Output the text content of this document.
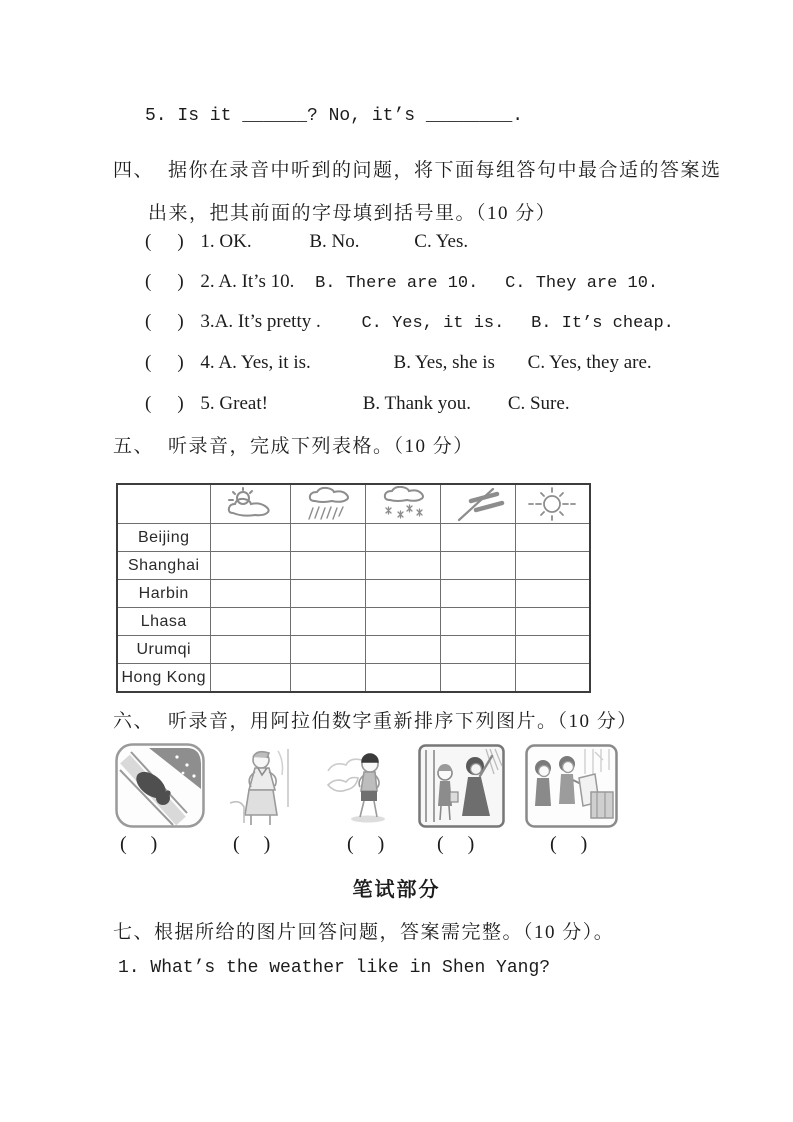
5. Is it ______? No, it’s ________.
四、 据你在录音中听到的问题，将下面每组答句中最合适的答案选
出来，把其前面的字母填到括号里。（10 分）
( ) 1. OK.	B. No.	C. Yes.
( ) 2. A. It’s 10. B. There are 10. C. They are 10.
( ) 3.A. It’s pretty . C. Yes, it is. B. It’s cheap.
( ) 4. A. Yes, it is.	B. Yes, she is C. Yes, they are.
( ) 5. Great!	B. Thank you. C. Sure.
五、 听录音，完成下列表格。（10 分）

Beijing					
Shanghai					
Harbin					
Lhasa					
Urumqi					
Hong Kong					
六、 听录音，用阿拉伯数字重新排序下列图片。（10 分）
( )	( )	( )	( )	( )
笔试部分
七、根据所给的图片回答问题，答案需完整。（10 分）。
1. What’s the weather like in Shen Yang?
